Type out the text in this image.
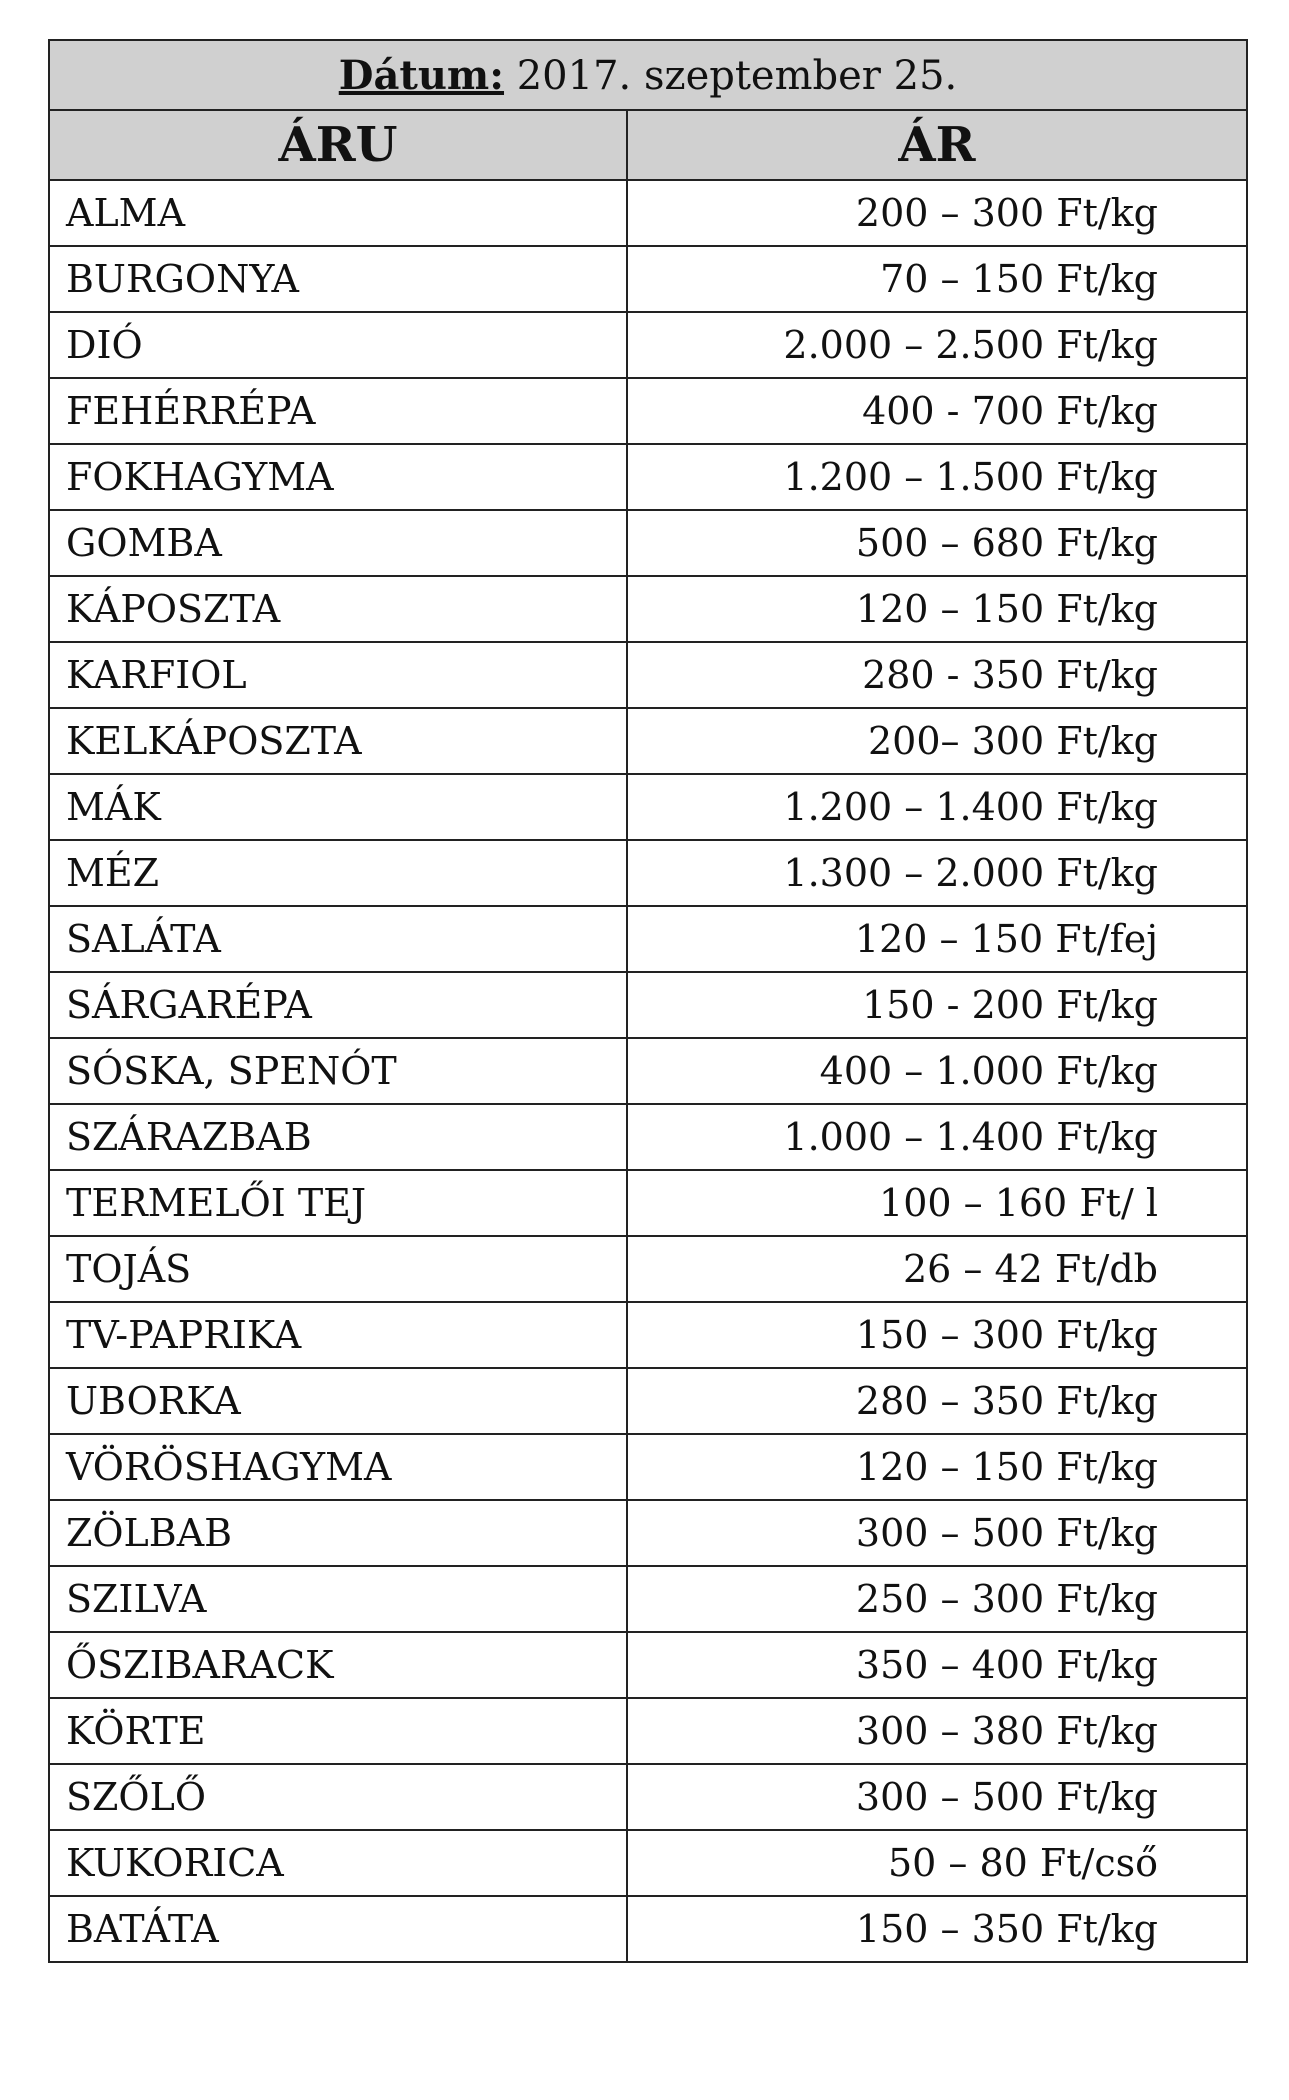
Dátum: 2017. szeptember 25.	
ÁRU	ÁR
ALMA	200 – 300 Ft/kg
BURGONYA	70 – 150 Ft/kg
DIÓ	2.000 – 2.500 Ft/kg
FEHÉRRÉPA	400 - 700 Ft/kg
FOKHAGYMA	1.200 – 1.500 Ft/kg
GOMBA	500 – 680 Ft/kg
KÁPOSZTA	120 – 150 Ft/kg
KARFIOL	280 - 350 Ft/kg
KELKÁPOSZTA	200– 300 Ft/kg
MÁK	1.200 – 1.400 Ft/kg
MÉZ	1.300 – 2.000 Ft/kg
SALÁTA	120 – 150 Ft/fej
SÁRGARÉPA	150 - 200 Ft/kg
SÓSKA, SPENÓT	400 – 1.000 Ft/kg
SZÁRAZBAB	1.000 – 1.400 Ft/kg
TERMELŐI TEJ	100 – 160 Ft/ l
TOJÁS	26 – 42 Ft/db
TV-PAPRIKA	150 – 300 Ft/kg
UBORKA	280 – 350 Ft/kg
VÖRÖSHAGYMA	120 – 150 Ft/kg
ZÖLBAB	300 – 500 Ft/kg
SZILVA	250 – 300 Ft/kg
ŐSZIBARACK	350 – 400 Ft/kg
KÖRTE	300 – 380 Ft/kg
SZŐLŐ	300 – 500 Ft/kg
KUKORICA	50 – 80 Ft/cső
BATÁTA	150 – 350 Ft/kg
